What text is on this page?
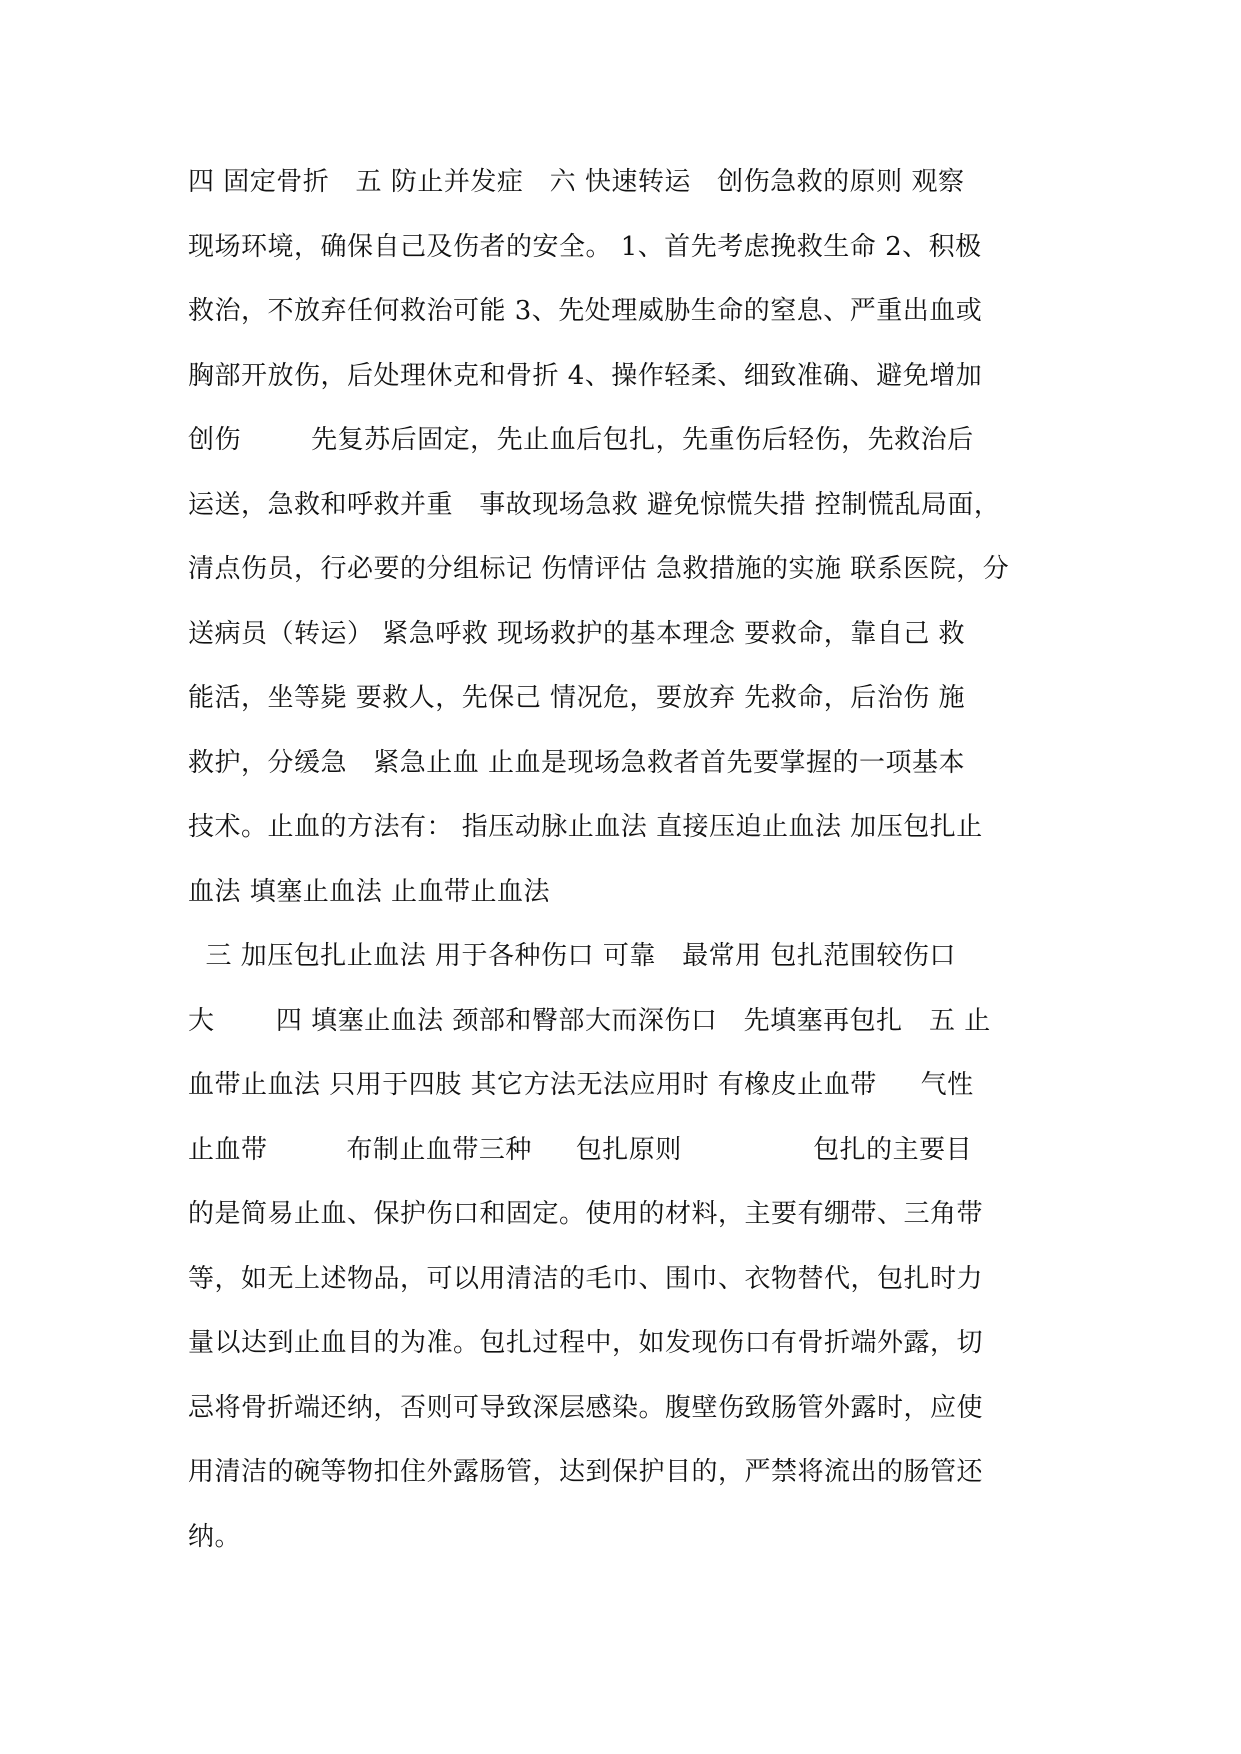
四 固定骨折   五 防止并发症   六 快速转运   创伤急救的原则 观察
现场环境，确保自己及伤者的安全。 1、首先考虑挽救生命 2、积极
救治，不放弃任何救治可能 3、先处理威胁生命的窒息、严重出血或
胸部开放伤，后处理休克和骨折 4、操作轻柔、细致准确、避免增加
创伤        先复苏后固定，先止血后包扎，先重伤后轻伤，先救治后
运送，急救和呼救并重   事故现场急救 避免惊慌失措 控制慌乱局面，
清点伤员，行必要的分组标记 伤情评估 急救措施的实施 联系医院，分
送病员（转运） 紧急呼救 现场救护的基本理念 要救命，靠自己 救
能活，坐等毙 要救人，先保己 情况危，要放弃 先救命，后治伤 施
救护，分缓急   紧急止血 止血是现场急救者首先要掌握的一项基本
技术。止血的方法有： 指压动脉止血法 直接压迫止血法 加压包扎止
血法 填塞止血法 止血带止血法
三 加压包扎止血法 用于各种伤口 可靠   最常用 包扎范围较伤口
大       四 填塞止血法 颈部和臀部大而深伤口   先填塞再包扎   五 止
血带止血法 只用于四肢 其它方法无法应用时 有橡皮止血带     气性
止血带         布制止血带三种     包扎原则               包扎的主要目
的是简易止血、保护伤口和固定。使用的材料，主要有绷带、三角带
等，如无上述物品，可以用清洁的毛巾、围巾、衣物替代，包扎时力
量以达到止血目的为准。包扎过程中，如发现伤口有骨折端外露，切
忌将骨折端还纳，否则可导致深层感染。腹壁伤致肠管外露时，应使
用清洁的碗等物扣住外露肠管，达到保护目的，严禁将流出的肠管还
纳。
